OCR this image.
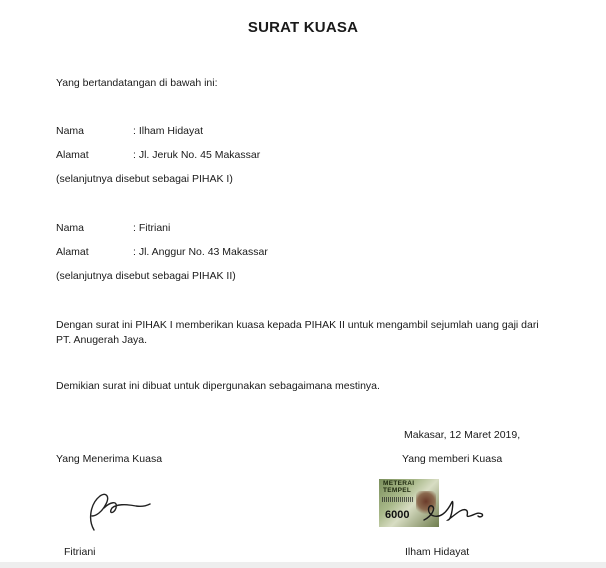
SURAT KUASA
Yang bertandatangan di bawah ini:
Nama	: Ilham Hidayat
Alamat	: Jl. Jeruk No. 45 Makassar
(selanjutnya disebut sebagai PIHAK I)
Nama	: Fitriani
Alamat	: Jl. Anggur No. 43 Makassar
(selanjutnya disebut sebagai PIHAK II)
Dengan surat ini PIHAK I memberikan kuasa kepada PIHAK II untuk mengambil sejumlah uang gaji dari
PT. Anugerah Jaya.
Demikian surat ini dibuat untuk dipergunakan sebagaimana mestinya.
Makasar, 12 Maret 2019,
Yang Menerima Kuasa	Yang memberi Kuasa
METERAI TEMPEL
6000
Fitriani	Ilham Hidayat
